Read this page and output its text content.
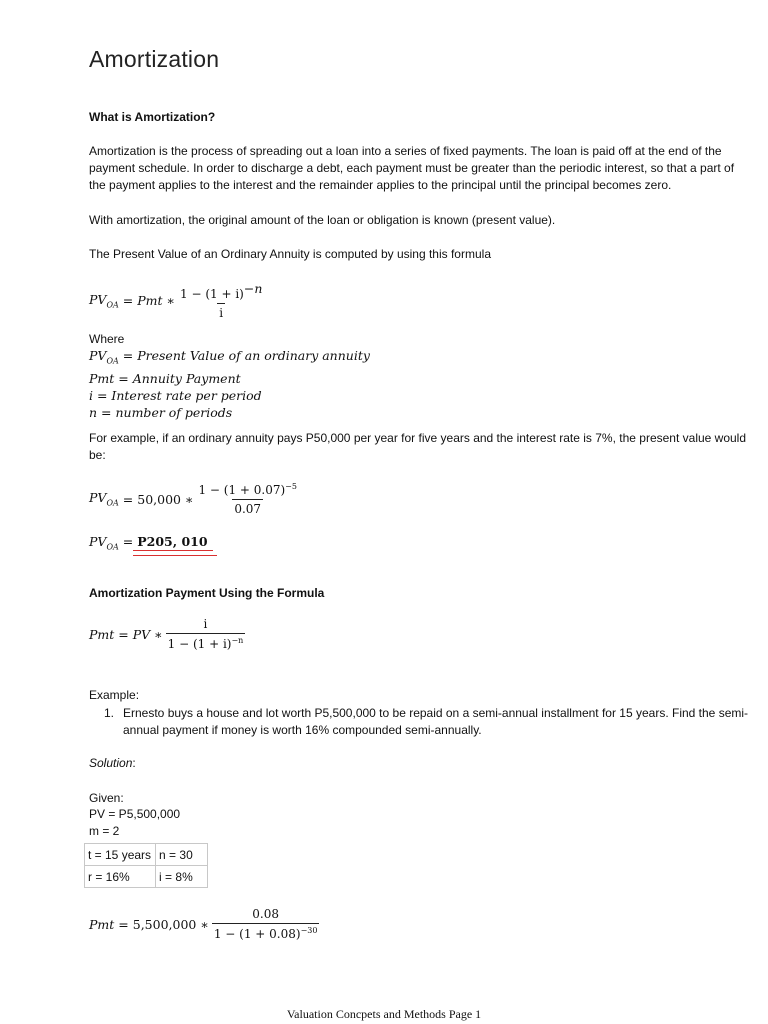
Amortization
What is Amortization?
Amortization is the process of spreading out a loan into a series of fixed payments. The loan is paid off at the end of the payment schedule. In order to discharge a debt, each payment must be greater than the periodic interest, so that a part of the payment applies to the interest and the remainder applies to the principal until the principal becomes zero.
With amortization, the original amount of the loan or obligation is known (present value).
The Present Value of an Ordinary Annuity is computed by using this formula
$PV_{OA}$ = Pmt ∗ $\frac{1 - (1 + i)^{-n}}{i}$
Where
$PV_{OA}$ = Present Value of an ordinary annuity
Pmt = Annuity Payment
i = Interest rate per period
n = number of periods
For example, if an ordinary annuity pays P50,000 per year for five years and the interest rate is 7%, the present value would be:
$PV_{OA} = 50,000$ ∗ $\frac{1 - (1 + 0.07)^{-5}}{0.07}$
$PV_{OA} = P205$, 010
Amortization Payment Using the Formula
Pmt = PV ∗ $\frac{i}{1 - (1 + i)^{-n}}$
Example:
1. Ernesto buys a house and lot worth P5,500,000 to be repaid on a semi-annual installment for 15 years. Find the semi-annual payment if money is worth 16% compounded semi-annually.
Solution:
Given:
PV = P5,500,000
m = 2
t = 15 years	n = 30
r = 16%	i = 8%
Pmt = 5,500,000 ∗ $\frac{0.08}{1 - (1 + 0.08)^{-30}}$
Valuation Concpets and Methods Page 1
